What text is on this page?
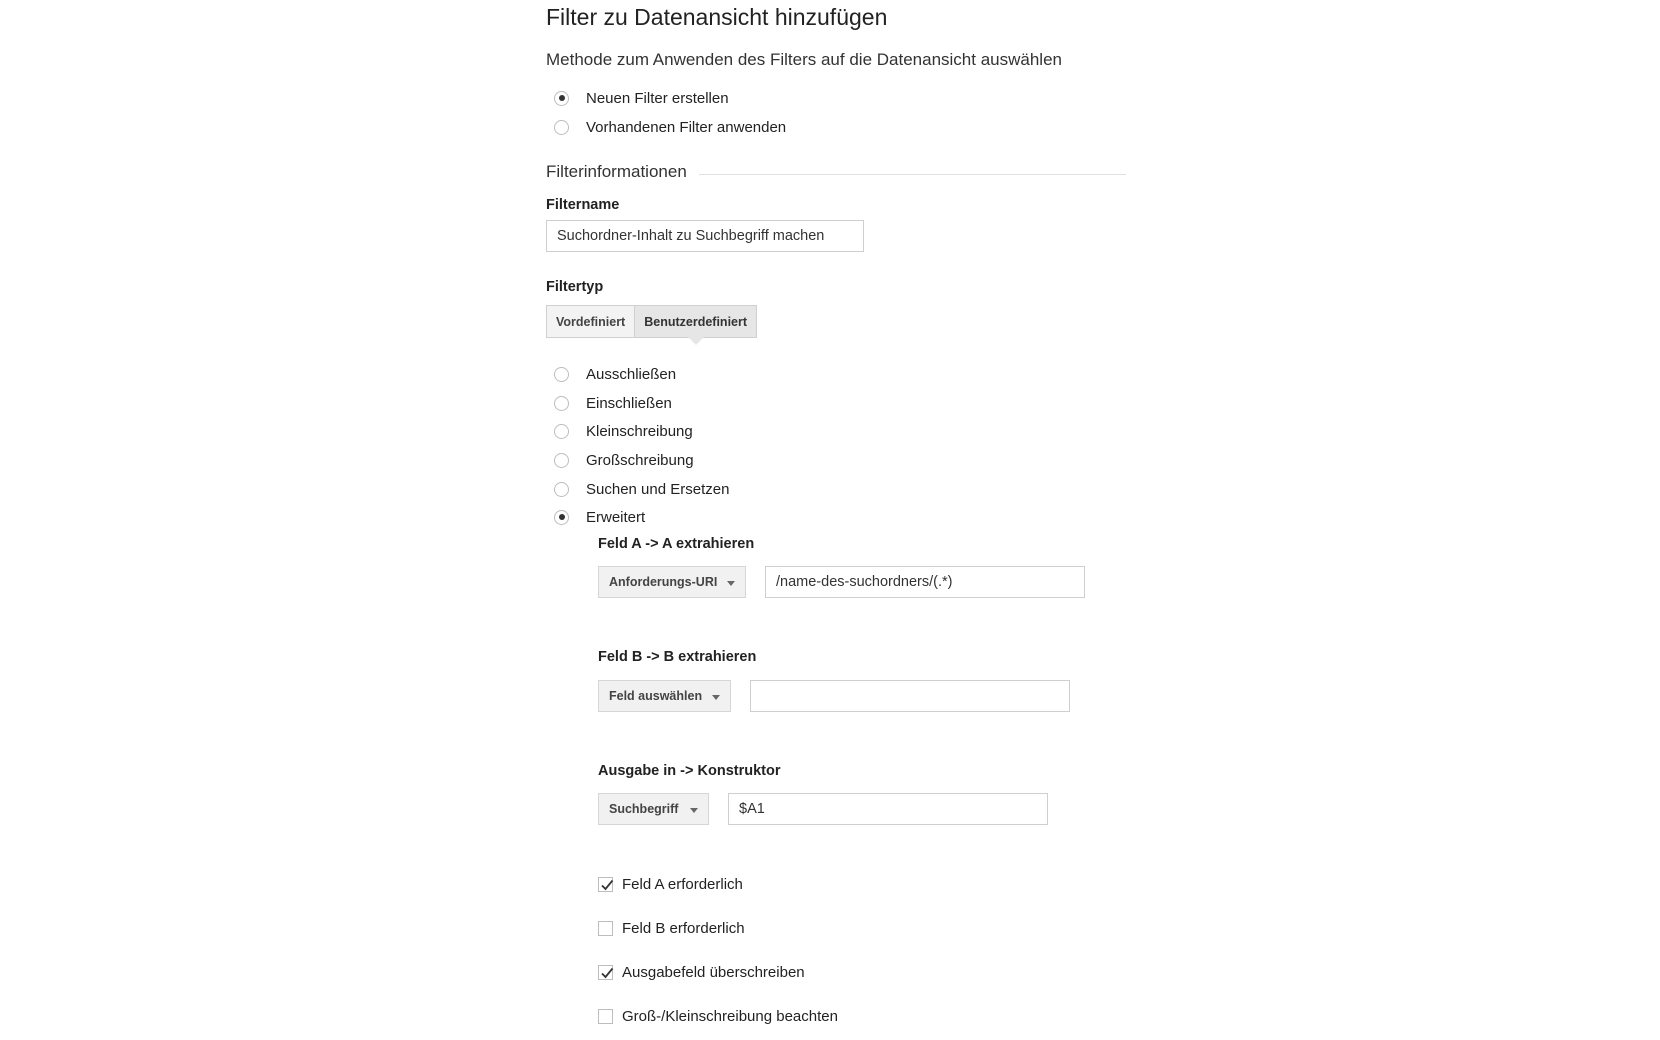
Filter zu Datenansicht hinzufügen
Methode zum Anwenden des Filters auf die Datenansicht auswählen
Neuen Filter erstellen
Vorhandenen Filter anwenden
Filterinformationen
Filtername
Suchordner-Inhalt zu Suchbegriff machen
Filtertyp
Vordefiniert	Benutzerdefiniert
Ausschließen
Einschließen
Kleinschreibung
Großschreibung
Suchen und Ersetzen
Erweitert
Feld A -> A extrahieren
Anforderungs-URI
/name-des-suchordners/(.*)
Feld B -> B extrahieren
Feld auswählen
Ausgabe in -> Konstruktor
Suchbegriff
$A1
Feld A erforderlich
Feld B erforderlich
Ausgabefeld überschreiben
Groß-/Kleinschreibung beachten
